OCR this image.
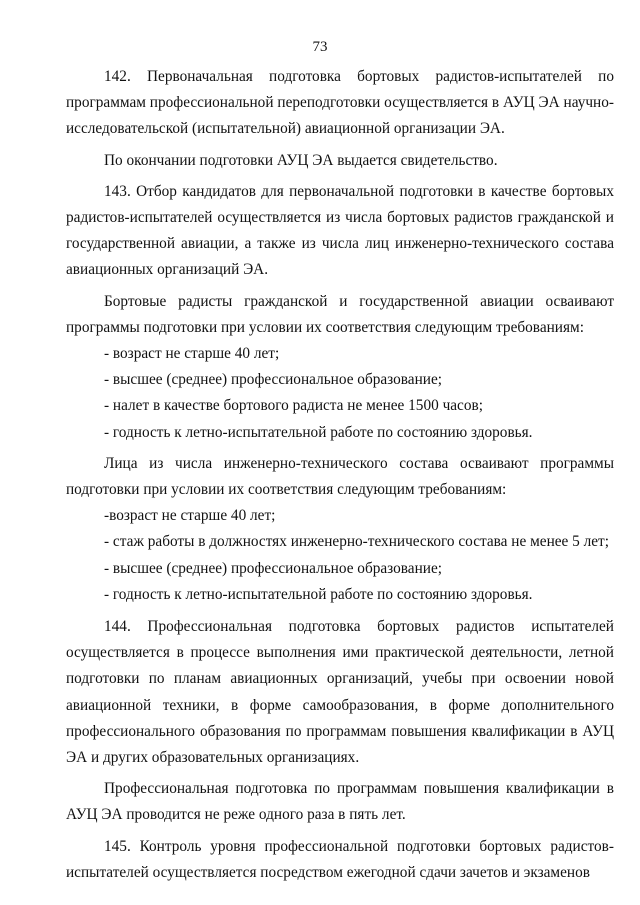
73

142. Первоначальная подготовка бортовых радистов-испытателей по программам профессиональной переподготовки осуществляется в АУЦ ЭА научно-исследовательской (испытательной) авиационной организации ЭА.

По окончании подготовки АУЦ ЭА выдается свидетельство.

143. Отбор кандидатов для первоначальной подготовки в качестве бортовых радистов-испытателей осуществляется из числа бортовых радистов гражданской и государственной авиации, а также из числа лиц инженерно-технического состава авиационных организаций ЭА.

Бортовые радисты гражданской и государственной авиации осваивают программы подготовки при условии их соответствия следующим требованиям:

- возраст не старше 40 лет;

- высшее (среднее) профессиональное образование;

- налет в качестве бортового радиста не менее 1500 часов;

- годность к летно-испытательной работе по состоянию здоровья.

Лица из числа инженерно-технического состава осваивают программы подготовки при условии их соответствия следующим требованиям:

-возраст не старше 40 лет;

- стаж работы в должностях инженерно-технического состава не менее 5 лет;

- высшее (среднее) профессиональное образование;

- годность к летно-испытательной работе по состоянию здоровья.

144. Профессиональная подготовка бортовых радистов испытателей осуществляется в процессе выполнения ими практической деятельности, летной подготовки по планам авиационных организаций, учебы при освоении новой авиационной техники, в форме самообразования, в форме дополнительного профессионального образования по программам повышения квалификации в АУЦ ЭА и других образовательных организациях.

Профессиональная подготовка по программам повышения квалификации в АУЦ ЭА проводится не реже одного раза в пять лет.

145. Контроль уровня профессиональной подготовки бортовых радистов-испытателей осуществляется посредством ежегодной сдачи зачетов и экзаменов
